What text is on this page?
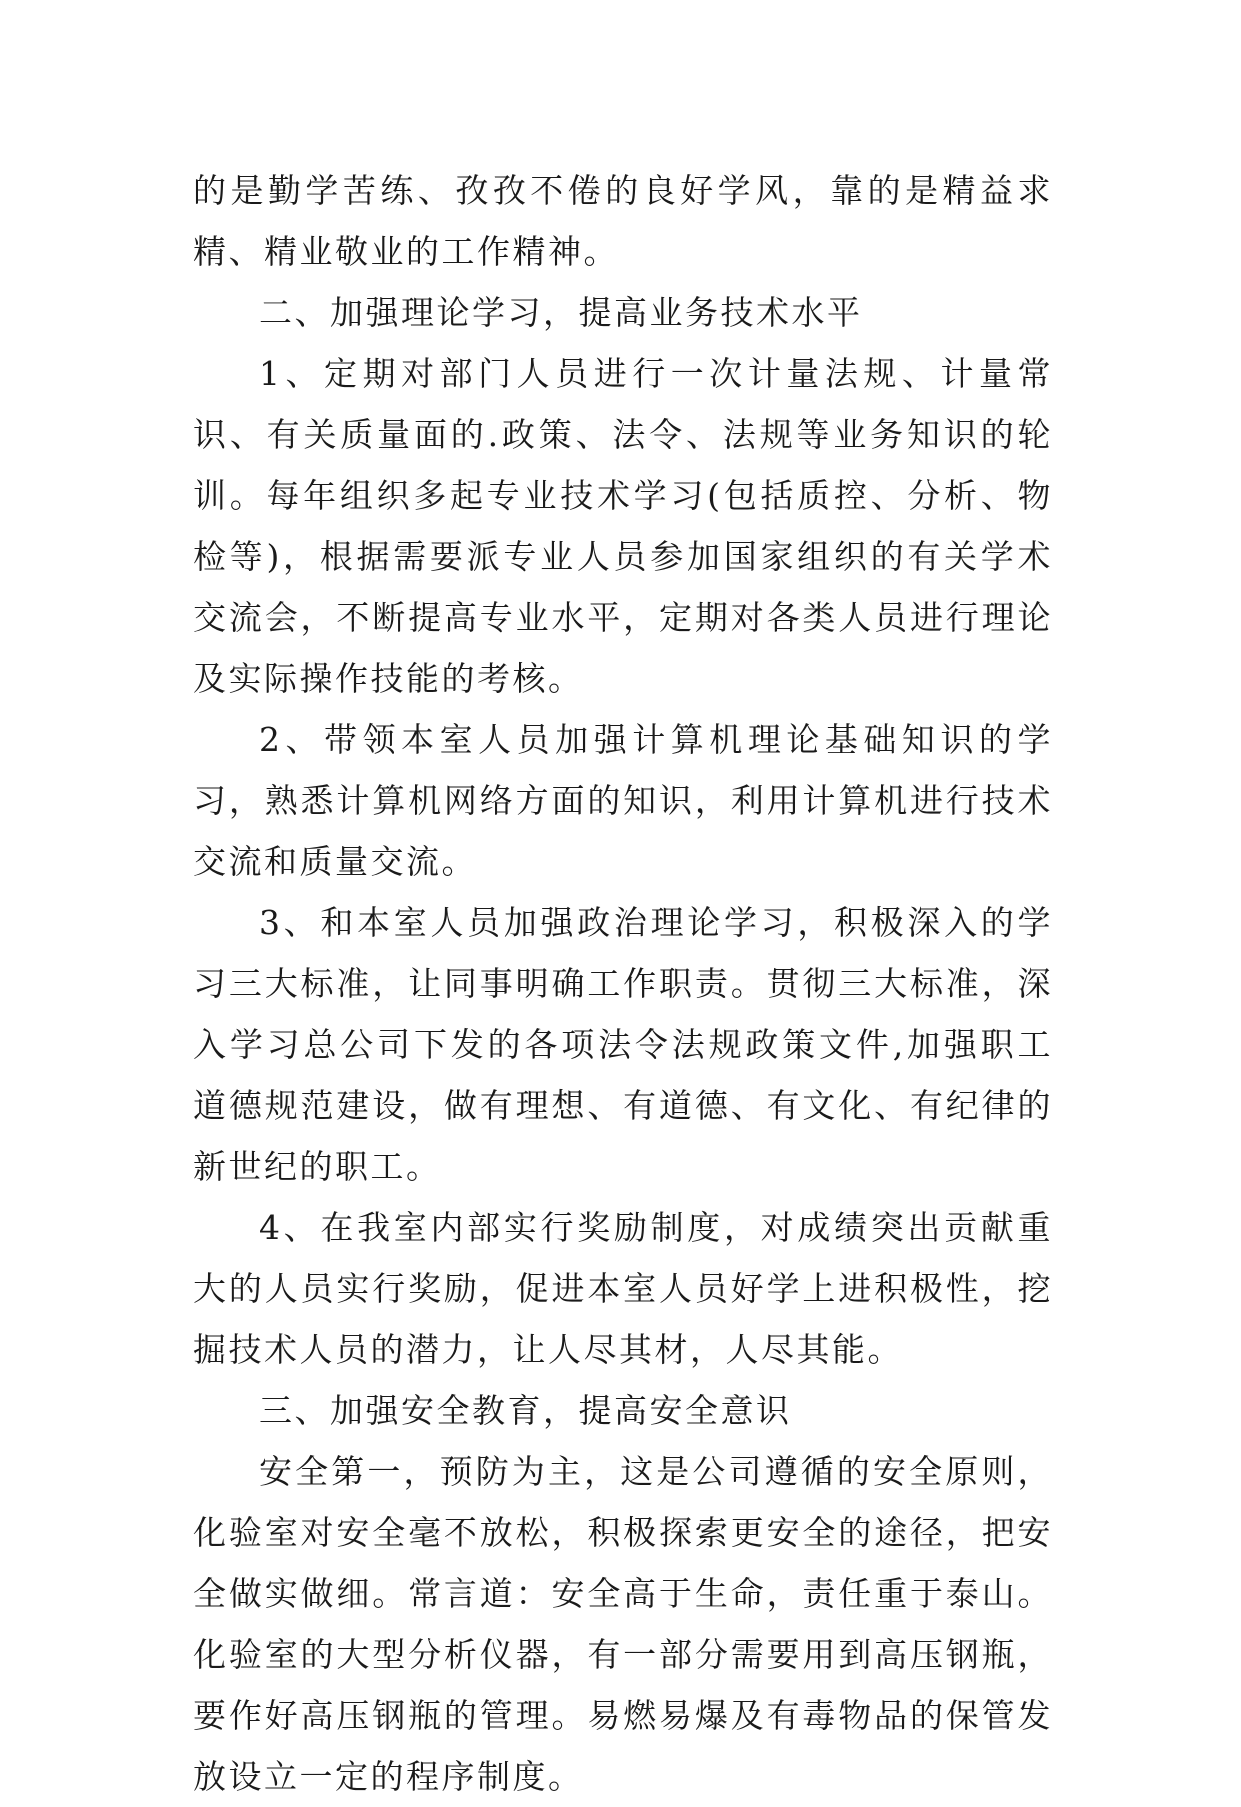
的是勤学苦练、孜孜不倦的良好学风，靠的是精益求精、精业敬业的工作精神。

二、加强理论学习，提高业务技术水平

1、定期对部门人员进行一次计量法规、计量常识、有关质量面的.政策、法令、法规等业务知识的轮训。每年组织多起专业技术学习(包括质控、分析、物检等)，根据需要派专业人员参加国家组织的有关学术交流会，不断提高专业水平，定期对各类人员进行理论及实际操作技能的考核。

2、带领本室人员加强计算机理论基础知识的学习，熟悉计算机网络方面的知识，利用计算机进行技术交流和质量交流。

3、和本室人员加强政治理论学习，积极深入的学习三大标准，让同事明确工作职责。贯彻三大标准，深入学习总公司下发的各项法令法规政策文件,加强职工道德规范建设，做有理想、有道德、有文化、有纪律的新世纪的职工。

4、在我室内部实行奖励制度，对成绩突出贡献重大的人员实行奖励，促进本室人员好学上进积极性，挖掘技术人员的潜力，让人尽其材，人尽其能。

三、加强安全教育，提高安全意识

安全第一，预防为主，这是公司遵循的安全原则，化验室对安全毫不放松，积极探索更安全的途径，把安全做实做细。常言道：安全高于生命，责任重于泰山。化验室的大型分析仪器，有一部分需要用到高压钢瓶，要作好高压钢瓶的管理。易燃易爆及有毒物品的保管发放设立一定的程序制度。
